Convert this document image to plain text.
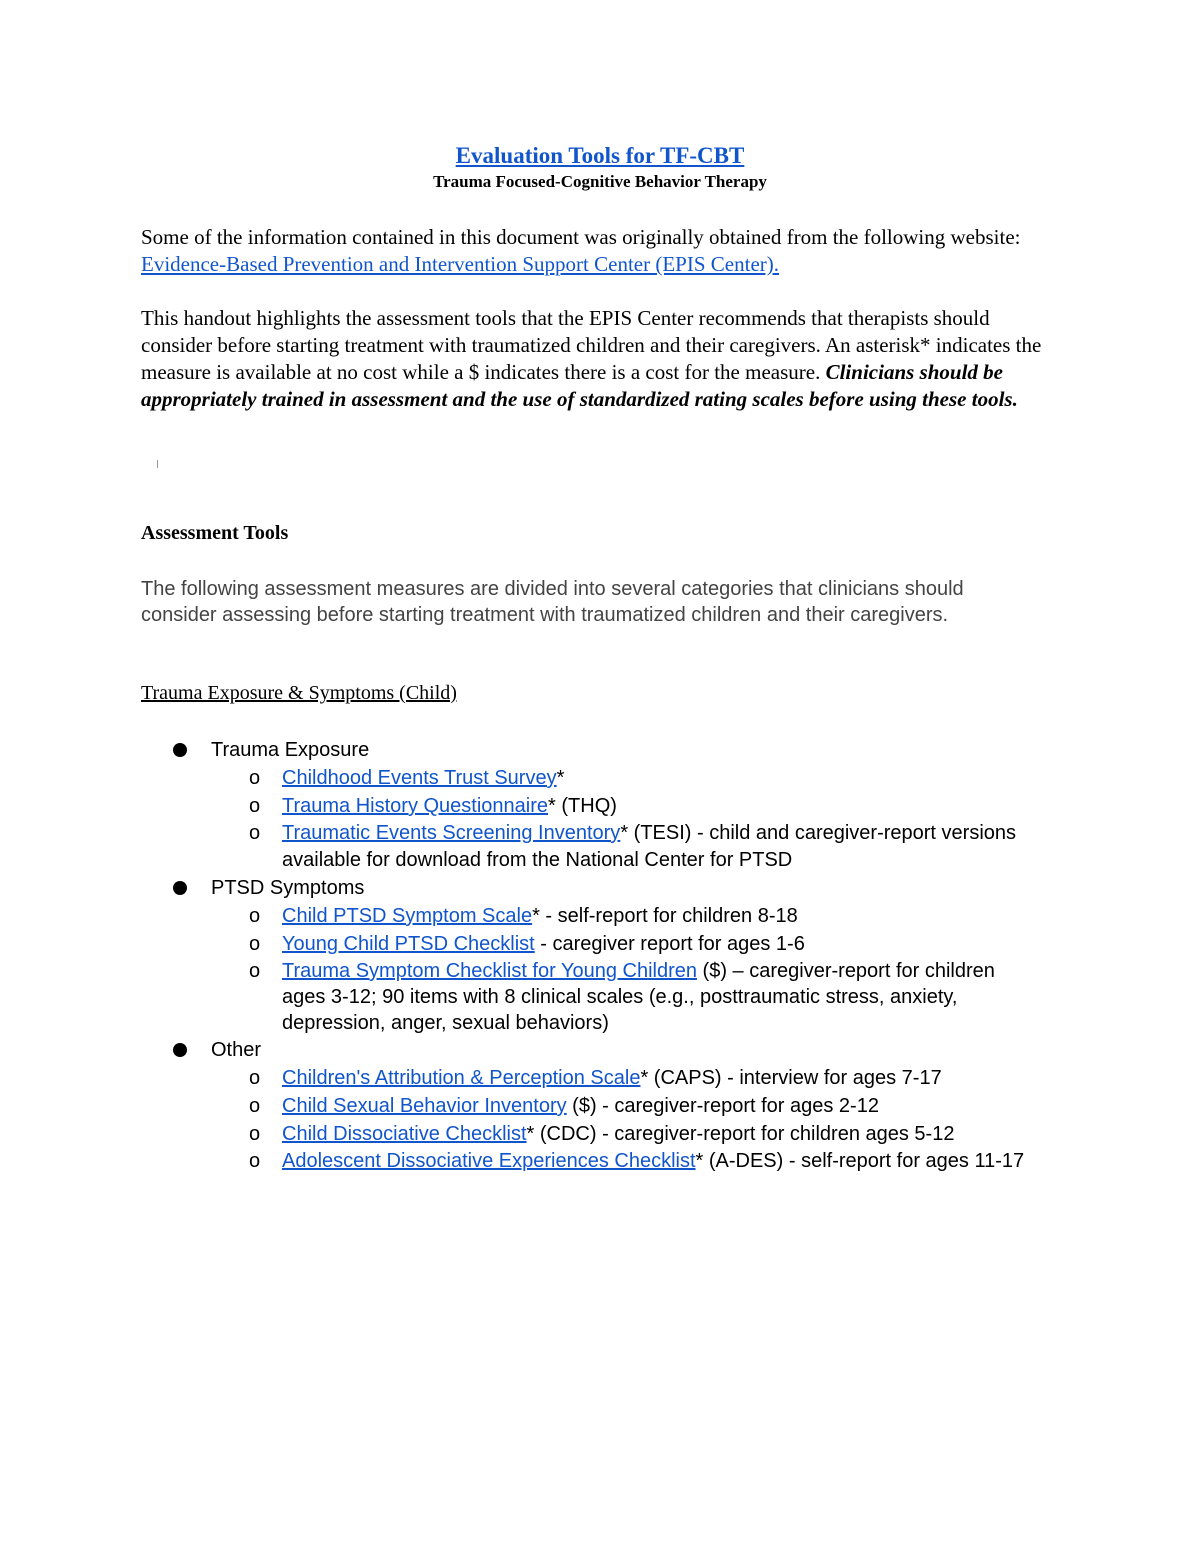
Evaluation Tools for TF-CBT
Trauma Focused-Cognitive Behavior Therapy
Some of the information contained in this document was originally obtained from the following website: Evidence-Based Prevention and Intervention Support Center (EPIS Center).
This handout highlights the assessment tools that the EPIS Center recommends that therapists should consider before starting treatment with traumatized children and their caregivers. An asterisk* indicates the measure is available at no cost while a $ indicates there is a cost for the measure. Clinicians should be appropriately trained in assessment and the use of standardized rating scales before using these tools.
Assessment Tools
The following assessment measures are divided into several categories that clinicians should consider assessing before starting treatment with traumatized children and their caregivers.
Trauma Exposure & Symptoms (Child)
Trauma Exposure
o Childhood Events Trust Survey*
o Trauma History Questionnaire* (THQ)
o Traumatic Events Screening Inventory* (TESI) - child and caregiver-report versions available for download from the National Center for PTSD
PTSD Symptoms
o Child PTSD Symptom Scale* - self-report for children 8-18
o Young Child PTSD Checklist - caregiver report for ages 1-6
o Trauma Symptom Checklist for Young Children ($) – caregiver-report for children ages 3-12; 90 items with 8 clinical scales (e.g., posttraumatic stress, anxiety, depression, anger, sexual behaviors)
Other
o Children's Attribution & Perception Scale* (CAPS) - interview for ages 7-17
o Child Sexual Behavior Inventory ($) - caregiver-report for ages 2-12
o Child Dissociative Checklist* (CDC) - caregiver-report for children ages 5-12
o Adolescent Dissociative Experiences Checklist* (A-DES) - self-report for ages 11-17
